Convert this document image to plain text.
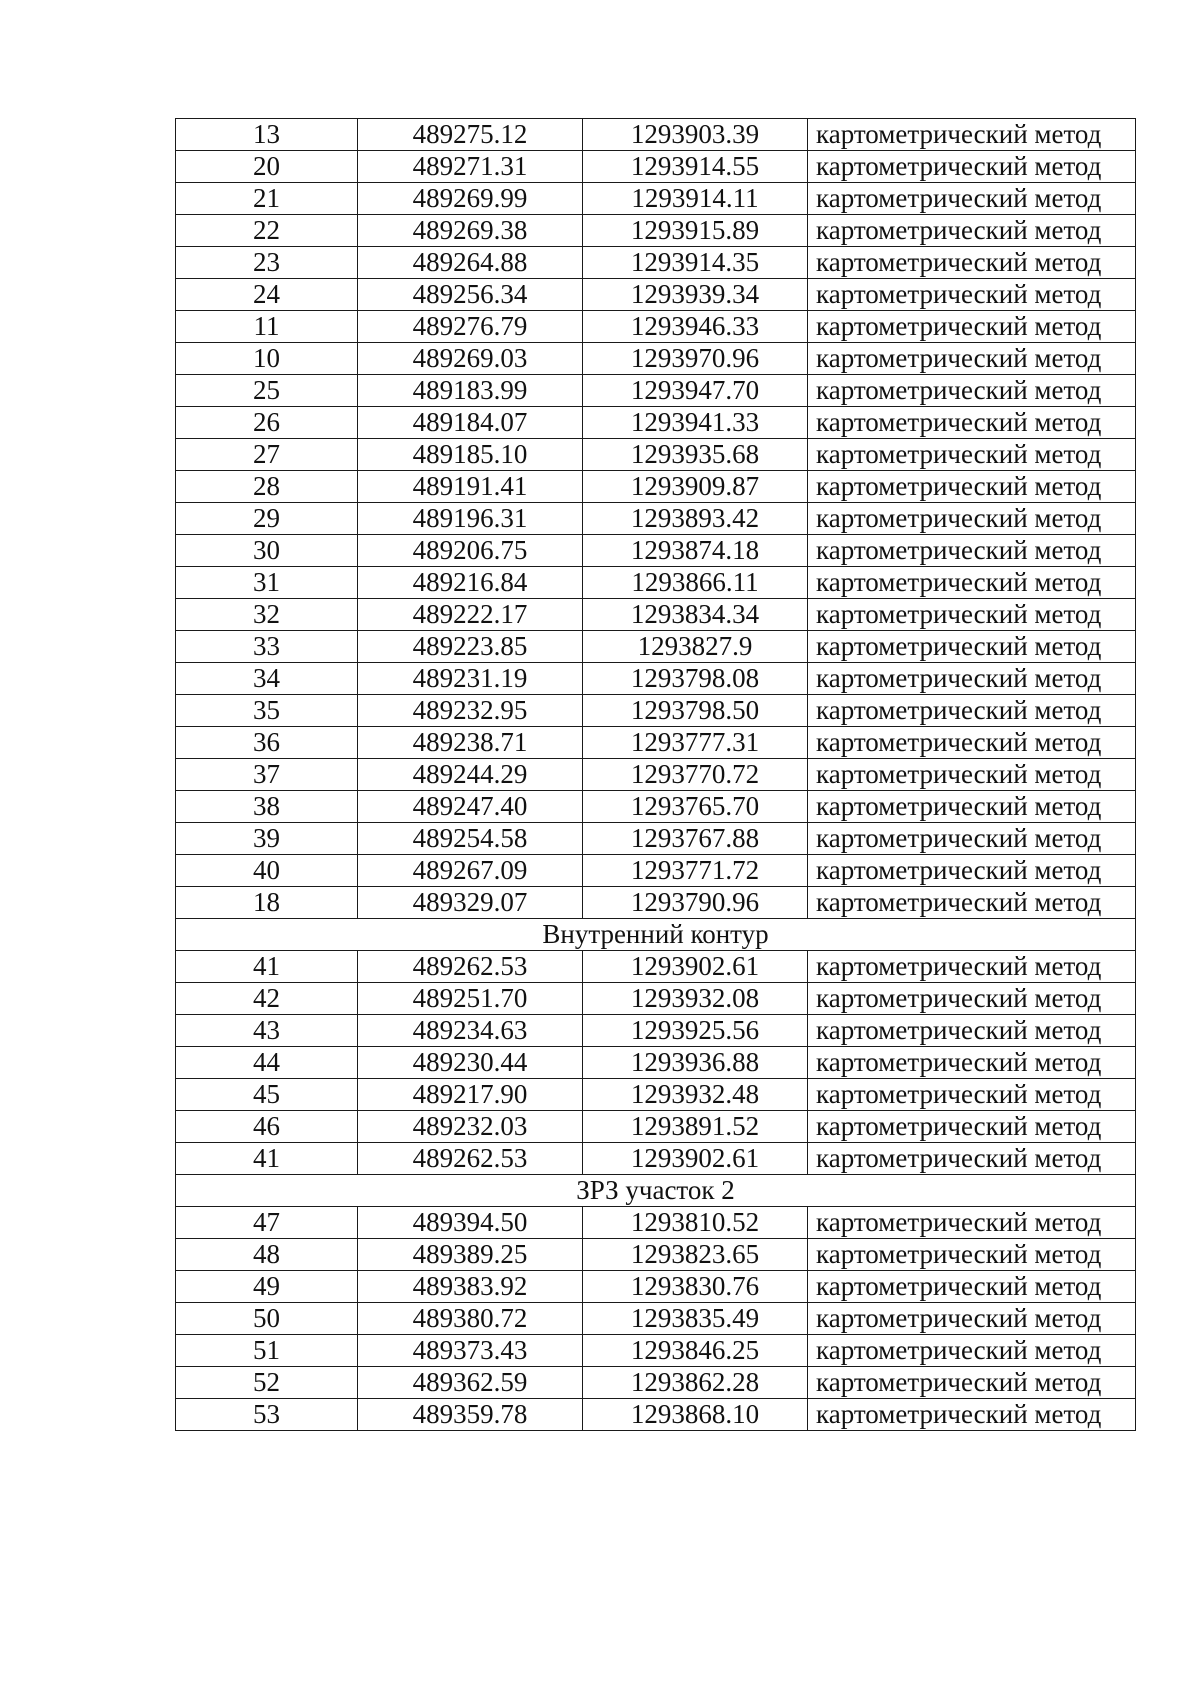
13	489275.12	1293903.39	картометрический метод
20	489271.31	1293914.55	картометрический метод
21	489269.99	1293914.11	картометрический метод
22	489269.38	1293915.89	картометрический метод
23	489264.88	1293914.35	картометрический метод
24	489256.34	1293939.34	картометрический метод
11	489276.79	1293946.33	картометрический метод
10	489269.03	1293970.96	картометрический метод
25	489183.99	1293947.70	картометрический метод
26	489184.07	1293941.33	картометрический метод
27	489185.10	1293935.68	картометрический метод
28	489191.41	1293909.87	картометрический метод
29	489196.31	1293893.42	картометрический метод
30	489206.75	1293874.18	картометрический метод
31	489216.84	1293866.11	картометрический метод
32	489222.17	1293834.34	картометрический метод
33	489223.85	1293827.9	картометрический метод
34	489231.19	1293798.08	картометрический метод
35	489232.95	1293798.50	картометрический метод
36	489238.71	1293777.31	картометрический метод
37	489244.29	1293770.72	картометрический метод
38	489247.40	1293765.70	картометрический метод
39	489254.58	1293767.88	картометрический метод
40	489267.09	1293771.72	картометрический метод
18	489329.07	1293790.96	картометрический метод
Внутренний контур			
41	489262.53	1293902.61	картометрический метод
42	489251.70	1293932.08	картометрический метод
43	489234.63	1293925.56	картометрический метод
44	489230.44	1293936.88	картометрический метод
45	489217.90	1293932.48	картометрический метод
46	489232.03	1293891.52	картометрический метод
41	489262.53	1293902.61	картометрический метод
ЗРЗ участок 2			
47	489394.50	1293810.52	картометрический метод
48	489389.25	1293823.65	картометрический метод
49	489383.92	1293830.76	картометрический метод
50	489380.72	1293835.49	картометрический метод
51	489373.43	1293846.25	картометрический метод
52	489362.59	1293862.28	картометрический метод
53	489359.78	1293868.10	картометрический метод
